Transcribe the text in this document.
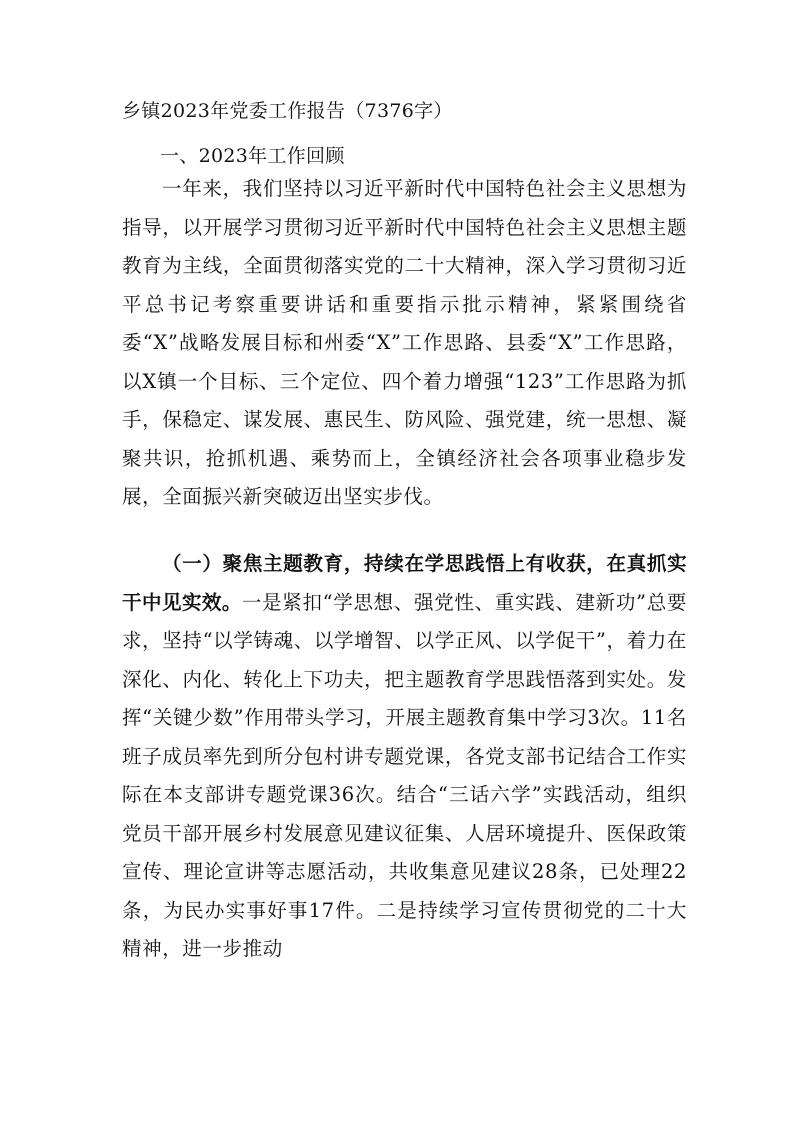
乡镇2023年党委工作报告（7376字）
一、2023年工作回顾
一年来，我们坚持以习近平新时代中国特色社会主义思想为指导，以开展学习贯彻习近平新时代中国特色社会主义思想主题教育为主线，全面贯彻落实党的二十大精神，深入学习贯彻习近平总书记考察重要讲话和重要指示批示精神，紧紧围绕省委“X”战略发展目标和州委“X”工作思路、县委“X”工作思路，以X镇一个目标、三个定位、四个着力增强“123”工作思路为抓手，保稳定、谋发展、惠民生、防风险、强党建，统一思想、凝聚共识，抢抓机遇、乘势而上，全镇经济社会各项事业稳步发展，全面振兴新突破迈出坚实步伐。
（一）聚焦主题教育，持续在学思践悟上有收获，在真抓实干中见实效。一是紧扣“学思想、强党性、重实践、建新功”总要求，坚持“以学铸魂、以学增智、以学正风、以学促干”，着力在深化、内化、转化上下功夫，把主题教育学思践悟落到实处。发挥“关键少数”作用带头学习，开展主题教育集中学习3次。11名班子成员率先到所分包村讲专题党课，各党支部书记结合工作实际在本支部讲专题党课36次。结合“三话六学”实践活动，组织党员干部开展乡村发展意见建议征集、人居环境提升、医保政策宣传、理论宣讲等志愿活动，共收集意见建议28条，已处理22条，为民办实事好事17件。二是持续学习宣传贯彻党的二十大精神，进一步推动
